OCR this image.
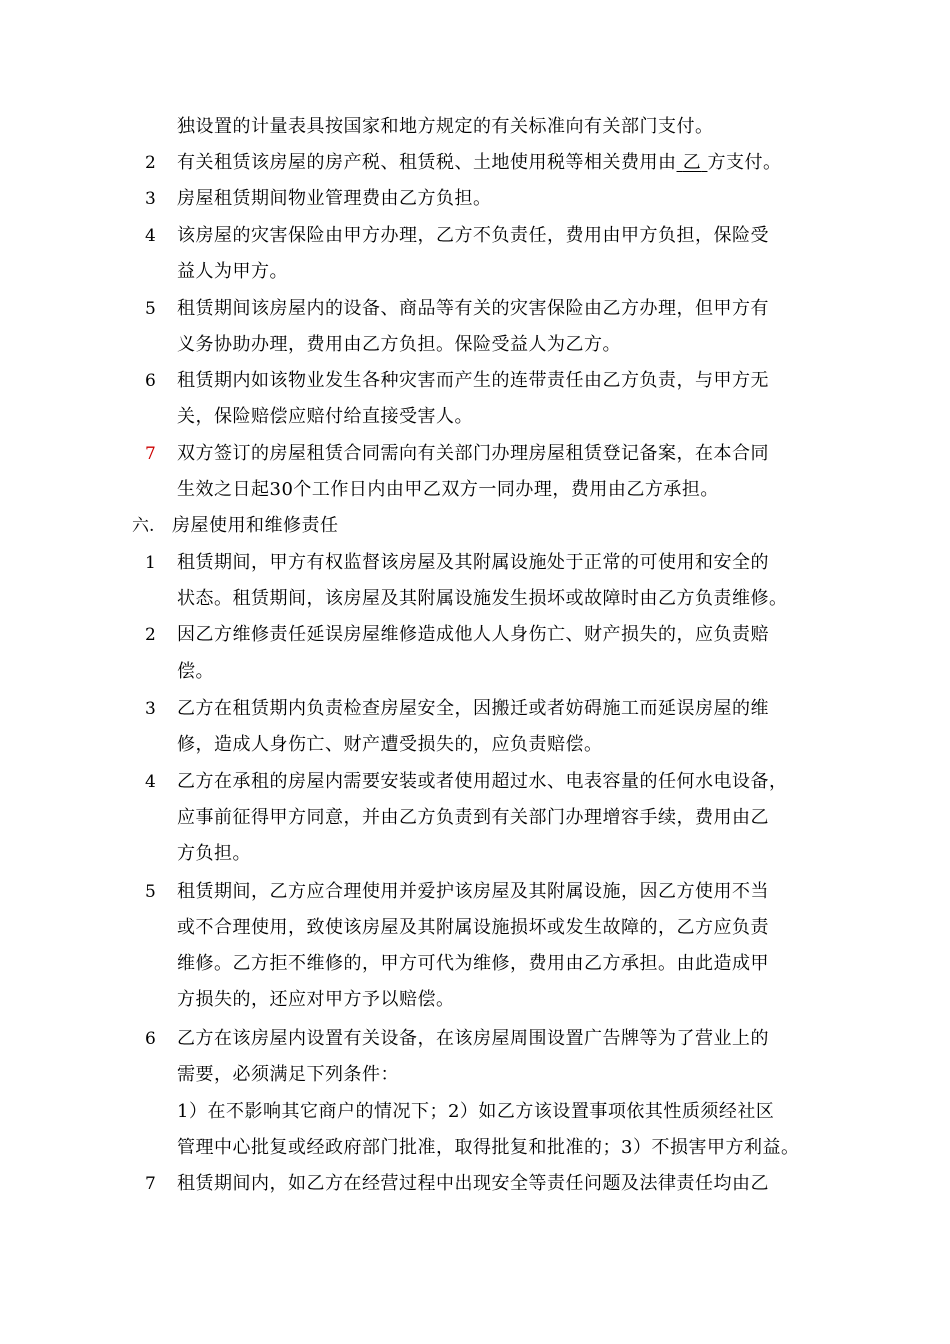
独设置的计量表具按国家和地方规定的有关标准向有关部门支付。
2	有关租赁该房屋的房产税、租赁税、土地使用税等相关费用由 乙 方支付。
3	房屋租赁期间物业管理费由乙方负担。
4	该房屋的灾害保险由甲方办理，乙方不负责任，费用由甲方负担，保险受
益人为甲方。
5	租赁期间该房屋内的设备、商品等有关的灾害保险由乙方办理，但甲方有
义务协助办理，费用由乙方负担。保险受益人为乙方。
6	租赁期内如该物业发生各种灾害而产生的连带责任由乙方负责，与甲方无
关，保险赔偿应赔付给直接受害人。
7	双方签订的房屋租赁合同需向有关部门办理房屋租赁登记备案，在本合同
生效之日起30个工作日内由甲乙双方一同办理，费用由乙方承担。
六. 房屋使用和维修责任
1	租赁期间，甲方有权监督该房屋及其附属设施处于正常的可使用和安全的
状态。租赁期间，该房屋及其附属设施发生损坏或故障时由乙方负责维修。
2	因乙方维修责任延误房屋维修造成他人人身伤亡、财产损失的，应负责赔
偿。
3	乙方在租赁期内负责检查房屋安全，因搬迁或者妨碍施工而延误房屋的维
修，造成人身伤亡、财产遭受损失的，应负责赔偿。
4	乙方在承租的房屋内需要安装或者使用超过水、电表容量的任何水电设备，
应事前征得甲方同意，并由乙方负责到有关部门办理增容手续，费用由乙
方负担。
5	租赁期间，乙方应合理使用并爱护该房屋及其附属设施，因乙方使用不当
或不合理使用，致使该房屋及其附属设施损坏或发生故障的，乙方应负责
维修。乙方拒不维修的，甲方可代为维修，费用由乙方承担。由此造成甲
方损失的，还应对甲方予以赔偿。
6	乙方在该房屋内设置有关设备，在该房屋周围设置广告牌等为了营业上的
需要，必须满足下列条件：
1）在不影响其它商户的情况下；2）如乙方该设置事项依其性质须经社区
管理中心批复或经政府部门批准，取得批复和批准的；3）不损害甲方利益。
7	租赁期间内，如乙方在经营过程中出现安全等责任问题及法律责任均由乙
